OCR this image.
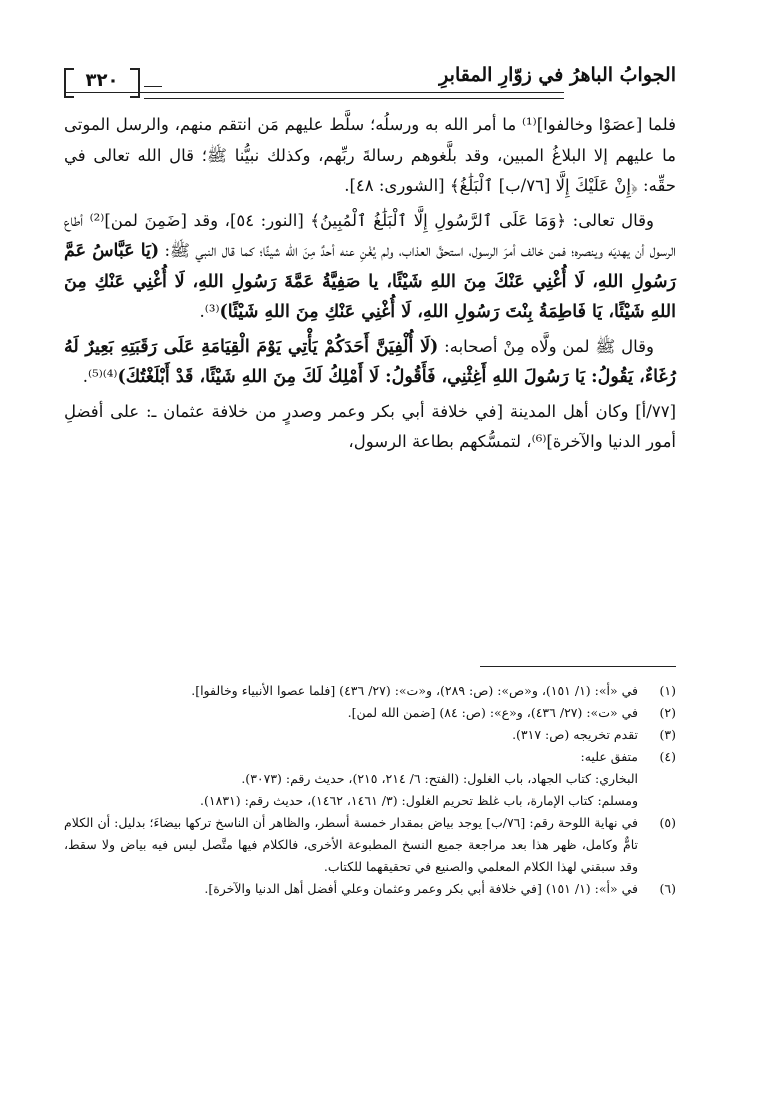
الجوابُ الباهرُ في زوّارِ المقابرِ
٣٢٠

فلما [عصَوْا وخالفوا]⁽¹⁾ ما أمر الله به ورسلُه؛ سلَّط عليهم مَن انتقم منهم، والرسل الموتى ما عليهم إلا البلاغُ المبين، وقد بلَّغوهم رسالةَ ربِّهم، وكذلك نبيُّنا ﷺ؛ قال الله تعالى في حقِّه: ﴿إِنْ عَلَيْكَ إِلَّا [٧٦/ب] ٱلْبَلَٰغُ﴾ [الشورى: ٤٨].

وقال تعالى: ﴿وَمَا عَلَى ٱلرَّسُولِ إِلَّا ٱلْبَلَٰغُ ٱلْمُبِينُ﴾ [النور: ٥٤]، وقد [ضَمِنَ لمن]⁽²⁾ أطاع الرسول أن يهديَه وينصره؛ فمن خالف أمرَ الرسول، استحقَّ العذاب، ولم يُغْنِ عنه أحدٌ مِنَ الله شيئًا؛ كما قال النبي ﷺ: (يَا عَبَّاسُ عَمَّ رَسُولِ اللهِ، لَا أُغْنِي عَنْكَ مِنَ اللهِ شَيْئًا، يا صَفِيَّةُ عَمَّةَ رَسُولِ اللهِ، لَا أُغْنِي عَنْكِ مِنَ اللهِ شَيْئًا، يَا فَاطِمَةُ بِنْتَ رَسُولِ اللهِ، لَا أُغْنِي عَنْكِ مِنَ اللهِ شَيْئًا)⁽³⁾.

وقال ﷺ لمن ولَّاه مِنْ أصحابه: (لَا أُلْفِيَنَّ أَحَدَكُمْ يَأْتِي يَوْمَ الْقِيَامَةِ عَلَى رَقَبَتِهِ بَعِيرٌ لَهُ رُغَاءٌ، يَقُولُ: يَا رَسُولَ اللهِ أَغِثْنِي، فَأَقُولُ: لَا أَمْلِكُ لَكَ مِنَ اللهِ شَيْئًا، قَدْ أَبْلَغْتُكَ)⁽⁴⁾⁽⁵⁾.

[٧٧/أ] وكان أهل المدينة [في خلافة أبي بكر وعمر وصدرٍ من خلافة عثمان ـ: على أفضلِ أمور الدنيا والآخرة]⁽⁶⁾، لتمسُّكهم بطاعة الرسول،

(١)
في «أ»: (١/ ١٥١)، و«ص»: (ص: ٢٨٩)، و«ت»: (٢٧/ ٤٣٦) [فلما عصوا الأنبياء وخالفوا].
(٢)
في «ت»: (٢٧/ ٤٣٦)، و«ع»: (ص: ٨٤) [ضمن الله لمن].
(٣)
تقدم تخريجه (ص: ٣١٧).
(٤)
متفق عليه:
البخاري: كتاب الجهاد، باب الغلول: (الفتح: ٦/ ٢١٤، ٢١٥)، حديث رقم: (٣٠٧٣).
ومسلم: كتاب الإمارة، باب غلظ تحريم الغلول: (٣/ ١٤٦١، ١٤٦٢)، حديث رقم: (١٨٣١).
(٥)
في نهاية اللوحة رقم: [٧٦/ب] يوجد بياض بمقدار خمسة أسطر، والظاهر أن الناسخ تركها بيضاءَ؛ بدليل: أن الكلام تامٌّ وكامل، ظهر هذا بعد مراجعة جميع النسخ المطبوعة الأخرى، فالكلام فيها متَّصل ليس فيه بياض ولا سقط، وقد سبقني لهذا الكلام المعلمي والصنيع في تحقيقهما للكتاب.
(٦)
في «أ»: (١/ ١٥١) [في خلافة أبي بكر وعمر وعثمان وعلي أفضل أهل الدنيا والآخرة].
